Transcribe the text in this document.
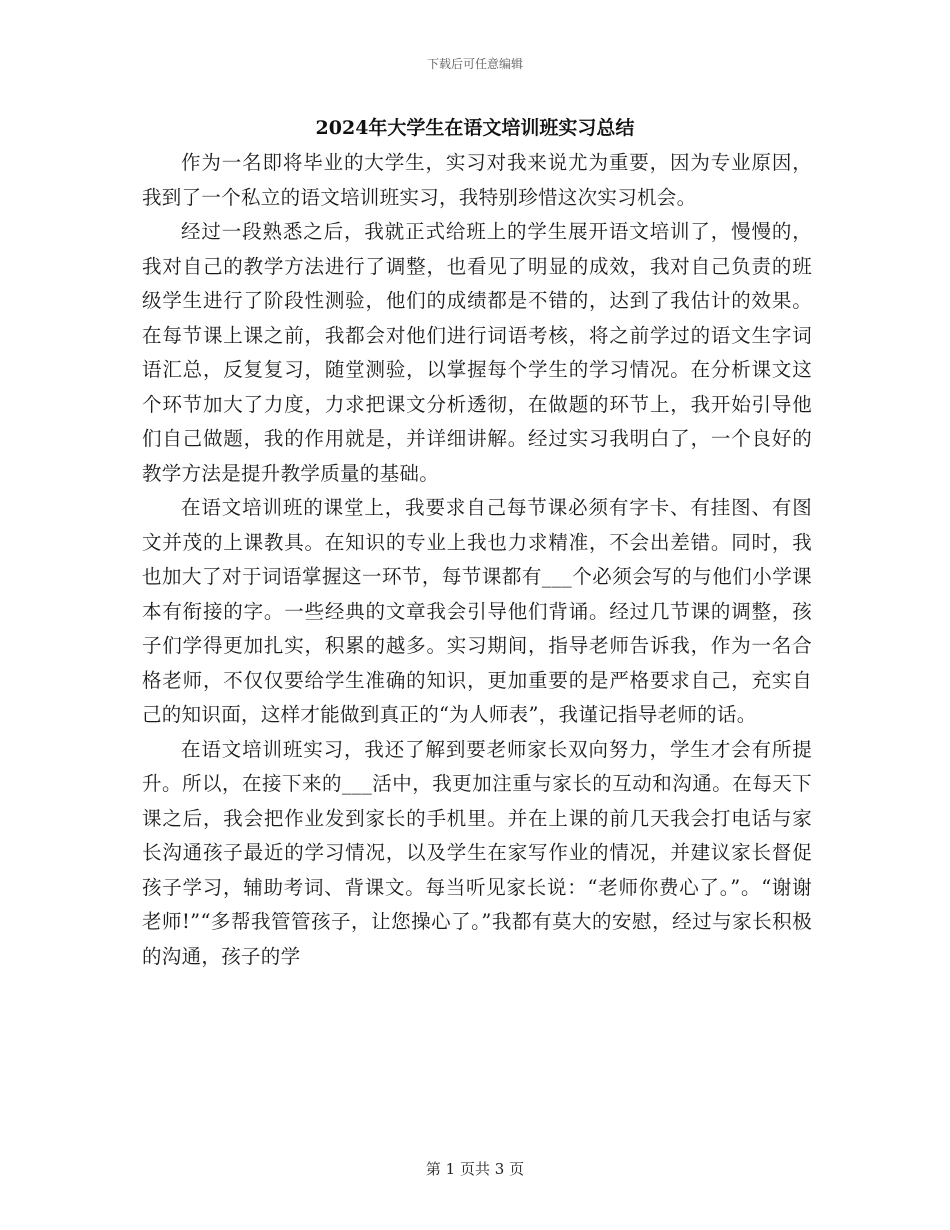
下载后可任意编辑
2024年大学生在语文培训班实习总结

作为一名即将毕业的大学生，实习对我来说尤为重要，因为专业原因，我到了一个私立的语文培训班实习，我特别珍惜这次实习机会。

经过一段熟悉之后，我就正式给班上的学生展开语文培训了，慢慢的，我对自己的教学方法进行了调整，也看见了明显的成效，我对自己负责的班级学生进行了阶段性测验，他们的成绩都是不错的，达到了我估计的效果。在每节课上课之前，我都会对他们进行词语考核，将之前学过的语文生字词语汇总，反复复习，随堂测验，以掌握每个学生的学习情况。在分析课文这个环节加大了力度，力求把课文分析透彻，在做题的环节上，我开始引导他们自己做题，我的作用就是，并详细讲解。经过实习我明白了，一个良好的教学方法是提升教学质量的基础。

在语文培训班的课堂上，我要求自己每节课必须有字卡、有挂图、有图文并茂的上课教具。在知识的专业上我也力求精准，不会出差错。同时，我也加大了对于词语掌握这一环节，每节课都有___个必须会写的与他们小学课本有衔接的字。一些经典的文章我会引导他们背诵。经过几节课的调整，孩子们学得更加扎实，积累的越多。实习期间，指导老师告诉我，作为一名合格老师，不仅仅要给学生准确的知识，更加重要的是严格要求自己，充实自己的知识面，这样才能做到真正的“为人师表”，我谨记指导老师的话。

在语文培训班实习，我还了解到要老师家长双向努力，学生才会有所提升。所以，在接下来的___活中，我更加注重与家长的互动和沟通。在每天下课之后，我会把作业发到家长的手机里。并在上课的前几天我会打电话与家长沟通孩子最近的学习情况，以及学生在家写作业的情况，并建议家长督促孩子学习，辅助考词、背课文。每当听见家长说：“老师你费心了。”。“谢谢老师!”“多帮我管管孩子，让您操心了。”我都有莫大的安慰，经过与家长积极的沟通，孩子的学

第 1 页共 3 页
